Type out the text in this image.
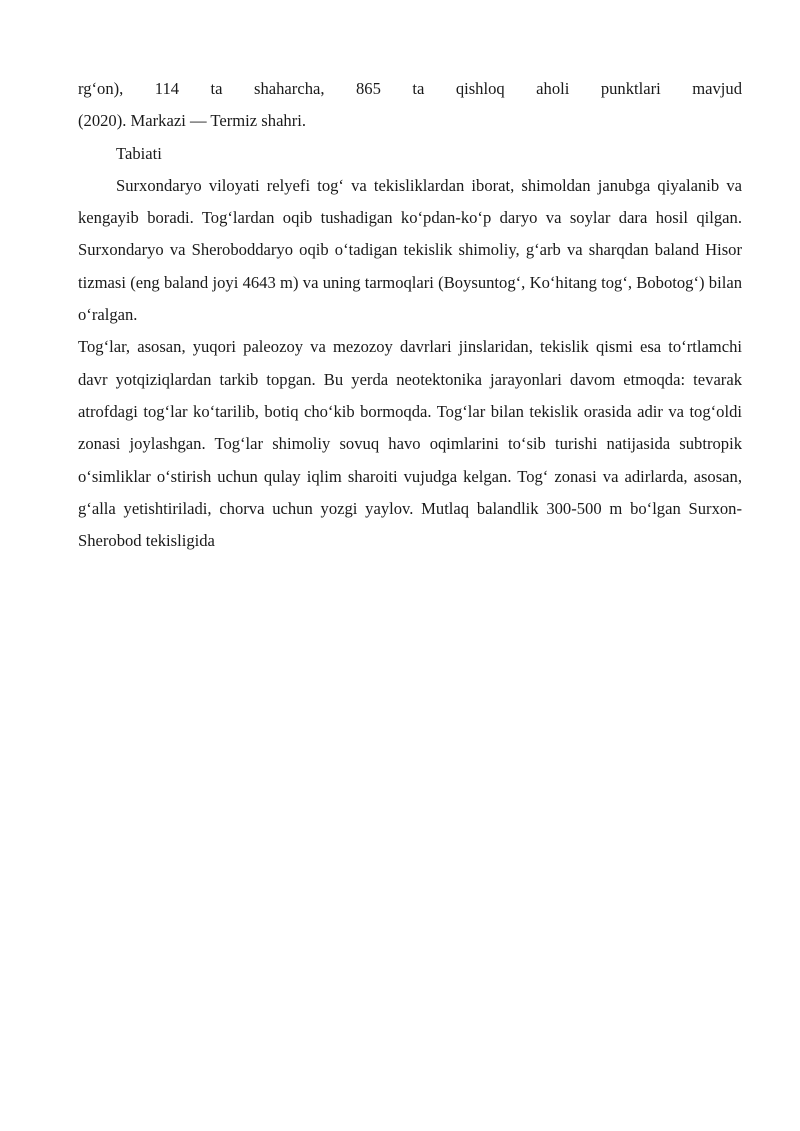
rg‘on), 114 ta shaharcha, 865 ta qishloq aholi punktlari mavjud

(2020). Markazi — Termiz shahri.

Tabiati

Surxondaryo viloyati relyefi tog‘ va tekisliklardan iborat, shimoldan janubga qiyalanib va kengayib boradi. Tog‘lardan oqib tushadigan ko‘pdan-ko‘p daryo va soylar dara hosil qilgan. Surxondaryo va Sheroboddaryo oqib o‘tadigan tekislik shimoliy, g‘arb va sharqdan baland Hisor tizmasi (eng baland joyi 4643 m) va uning tarmoqlari (Boysuntog‘, Ko‘hitang tog‘, Bobotog‘) bilan o‘ralgan.

Tog‘lar, asosan, yuqori paleozoy va mezozoy davrlari jinslaridan, tekislik qismi esa to‘rtlamchi davr yotqiziqlardan tarkib topgan. Bu yerda neotektonika jarayonlari davom etmoqda: tevarak atrofdagi tog‘lar ko‘tarilib, botiq cho‘kib bormoqda. Tog‘lar bilan tekislik orasida adir va tog‘oldi zonasi joylashgan. Tog‘lar shimoliy sovuq havo oqimlarini to‘sib turishi natijasida subtropik o‘simliklar o‘stirish uchun qulay iqlim sharoiti vujudga kelgan. Tog‘ zonasi va adirlarda, asosan, g‘alla yetishtiriladi, chorva uchun yozgi yaylov. Mutlaq balandlik 300-500 m bo‘lgan Surxon-Sherobod tekisligida
